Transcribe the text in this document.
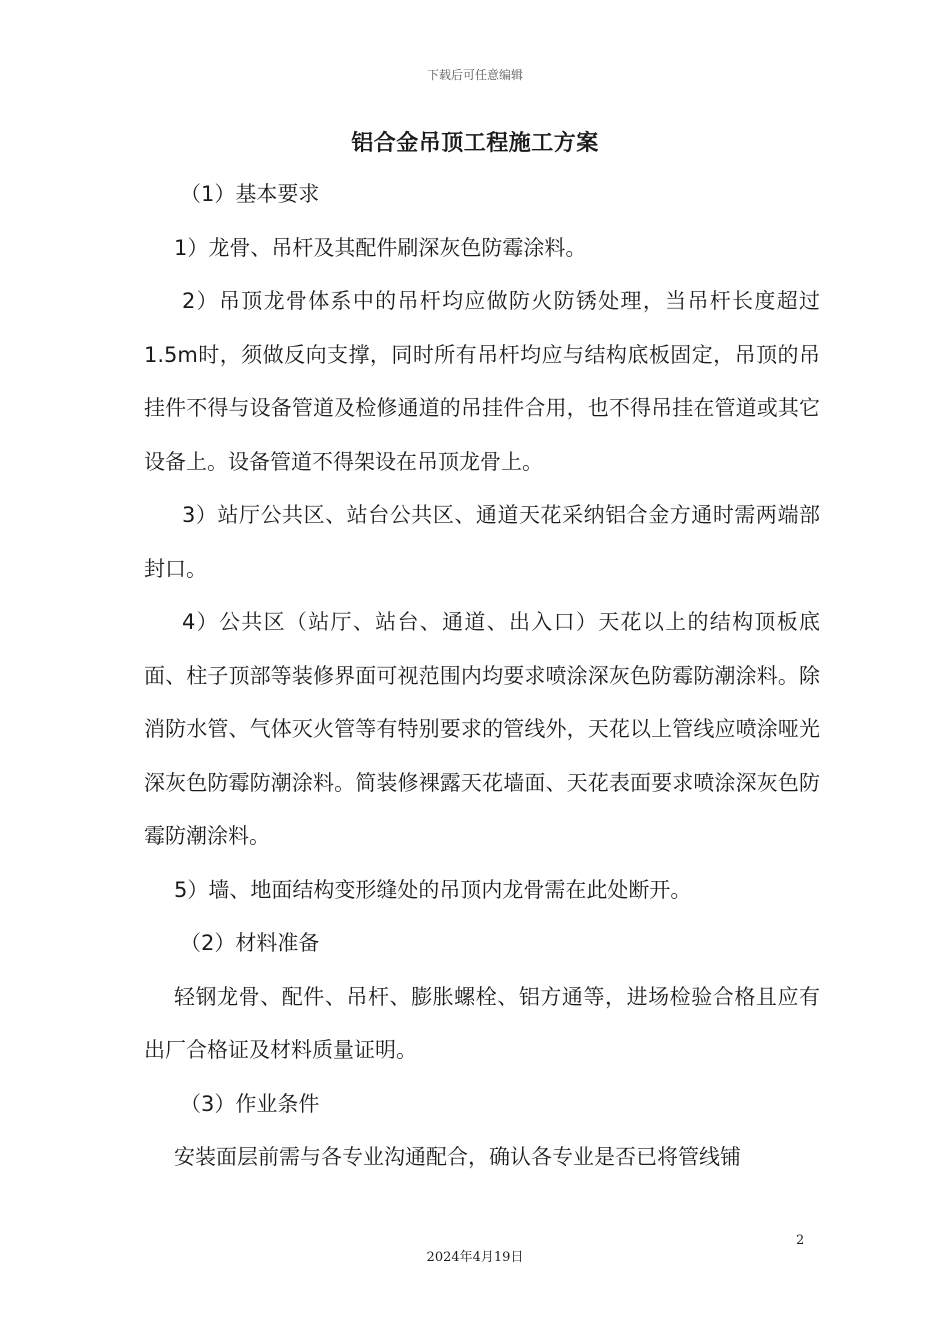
下载后可任意编辑
铝合金吊顶工程施工方案

（1）基本要求

1）龙骨、吊杆及其配件刷深灰色防霉涂料。

2）吊顶龙骨体系中的吊杆均应做防火防锈处理，当吊杆长度超过1.5m时，须做反向支撑，同时所有吊杆均应与结构底板固定，吊顶的吊挂件不得与设备管道及检修通道的吊挂件合用，也不得吊挂在管道或其它设备上。设备管道不得架设在吊顶龙骨上。

3）站厅公共区、站台公共区、通道天花采纳铝合金方通时需两端部封口。

4）公共区（站厅、站台、通道、出入口）天花以上的结构顶板底面、柱子顶部等装修界面可视范围内均要求喷涂深灰色防霉防潮涂料。除消防水管、气体灭火管等有特别要求的管线外，天花以上管线应喷涂哑光深灰色防霉防潮涂料。简装修裸露天花墙面、天花表面要求喷涂深灰色防霉防潮涂料。

5）墙、地面结构变形缝处的吊顶内龙骨需在此处断开。

（2）材料准备

轻钢龙骨、配件、吊杆、膨胀螺栓、铝方通等，进场检验合格且应有出厂合格证及材料质量证明。

（3）作业条件

安装面层前需与各专业沟通配合，确认各专业是否已将管线铺

2
2024年4月19日
